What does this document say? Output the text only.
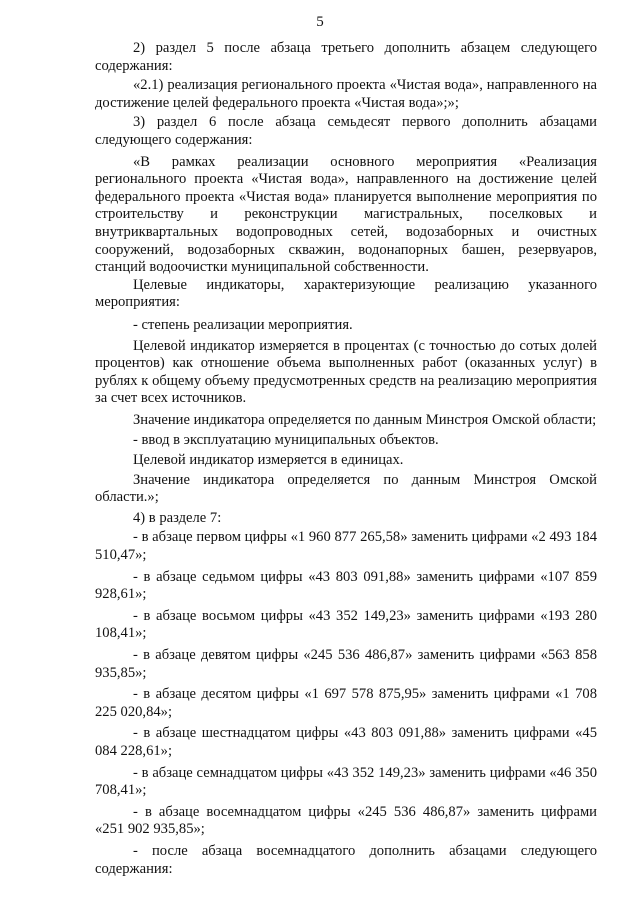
5

2) раздел 5 после абзаца третьего дополнить абзацем следующего содержания:

«2.1) реализация регионального проекта «Чистая вода», направленного на достижение целей федерального проекта «Чистая вода»;»;

3) раздел 6 после абзаца семьдесят первого дополнить абзацами следующего содержания:

«В рамках реализации основного мероприятия «Реализация регионального проекта «Чистая вода», направленного на достижение целей федерального проекта «Чистая вода» планируется выполнение мероприятия по строительству и реконструкции магистральных, поселковых и внутриквартальных водопроводных сетей, водозаборных и очистных сооружений, водозаборных скважин, водонапорных башен, резервуаров, станций водоочистки муниципальной собственности.

Целевые индикаторы, характеризующие реализацию указанного мероприятия:

- степень реализации мероприятия.

Целевой индикатор измеряется в процентах (с точностью до сотых долей процентов) как отношение объема выполненных работ (оказанных услуг) в рублях к общему объему предусмотренных средств на реализацию мероприятия за счет всех источников.

Значение индикатора определяется по данным Минстроя Омской области;

- ввод в эксплуатацию муниципальных объектов.

Целевой индикатор измеряется в единицах.

Значение индикатора определяется по данным Минстроя Омской области.»;

4) в разделе 7:

- в абзаце первом цифры «1 960 877 265,58» заменить цифрами «2 493 184 510,47»;

- в абзаце седьмом цифры «43 803 091,88» заменить цифрами «107 859 928,61»;

- в абзаце восьмом цифры «43 352 149,23» заменить цифрами «193 280 108,41»;

- в абзаце девятом цифры «245 536 486,87» заменить цифрами «563 858 935,85»;

- в абзаце десятом цифры «1 697 578 875,95» заменить цифрами «1 708 225 020,84»;

- в абзаце шестнадцатом цифры «43 803 091,88» заменить цифрами «45 084 228,61»;

- в абзаце семнадцатом цифры «43 352 149,23» заменить цифрами «46 350 708,41»;

- в абзаце восемнадцатом цифры «245 536 486,87» заменить цифрами «251 902 935,85»;

- после абзаца восемнадцатого дополнить абзацами следующего содержания:
